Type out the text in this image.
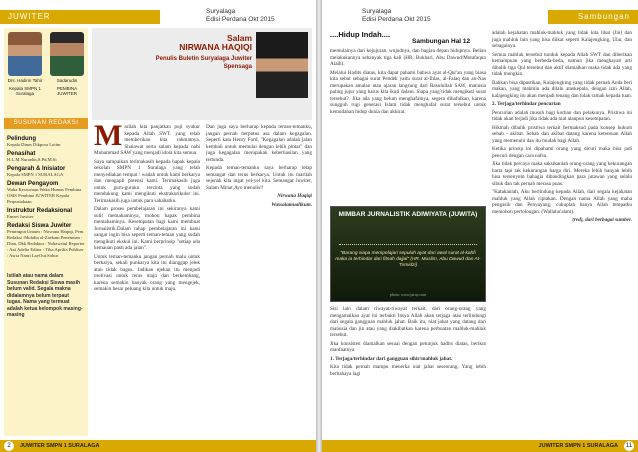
JUWITER
Suryalaga
Edisi Perdana Okt 2015
Drs. Hadirin Tahir
Kepala SMPN 1 Suralaga
Sadarudin
PEMBINA JUWITER
SUSUNAN REDAKSI
Pelindung

Kepala Dinas Dikpora Lotim

Penasihat

H.L.M.Nuraelin,S.Pd,M.Si

Pengarah & Inisiator

Kepala SMPN 1 SURALAGA

Dewan Pengayom

Waka Kesiswaan Waka Humas Pembina OSIS Pembina JUWITER Kepala Perpustakaan

Instruktur Redaksional

Emzet Juwiter

Redaksi Siswa Juwiter

Pemimpin Umum : Nirwana Haqiqi, Pem. Redaksi :Muhdin al-Zaekam Penemuan : Dian, Dkk Redaktur : Yuliawatul Reporter : Ani Adelia Editor : Tika Aprilia Publiser : Asria Nanri LayOut:Sohur

Istilah atau nama dalam Susunan Redaksi Siswa masih belum valid. Segala makna didalamnya belum terpaut tugas. Nama yang termuat adalah ketua kelompok masing-masing

Salam
NIRWANA HAQIQI
Penulis Buletin Suryalaga Juwiter Spensaga

Marilah kita panjatkan puji syukur kepada Allah SWT. yang telah memberikan kita rahmatnya. Shalawat serta salam kepada nabi Muhammad SAW yang menjadi idola kita semua.

Saya sampaikan terimakasih kepada bapak kepala sekolah SMPN 1 Suralaga yang telah menyediakan tempat / wadah untuk kami berkarya dan mengapli potensi kami. Terimakasih juga untuk guru-guruku tercinta yang sudah mendukung kami mengikuti ekstrakurikuler ini. Terimakasih juga untuk para sahabatku.

Dalam proses pembelajaran ini sekiranya kami sulit memahaminya, mohon bapak pembina memahaminya. Kesempatan bagi kami membuat Jurnalistik.Dalam tahap pembelajaran ini kami sangat ingin bisa seperti teman-teman yang sudah mengikuti ekskul ini. Kami berprinsip "setiap ada kemauan pasti ada jalan".

Untuk teman-temanku jangan pernah malu untuk berkarya, sekali punkarya kita itu dianggap jelek atau tidak bagus. Jadikan ejekan itu menjadi motivasi untuk terus maju dan berkembang, karena semakin banyak orang yang mengejek, semakin besar peluang kita untuk maju.

Dan juga saya berharap kepada teman-temanku, jangan pernah berputus asa dalam kegagalan. Seperti kata Henry Ford, "Kegagalan adalah jalan kembali untuk memulai dengan lebih pintar" dan juga kegagalan merupakan keberhasilan yang tertunda.

Kepada teman-temanku saya berharap tetap semangat dan terus berkarya. Untuk itu marilah sejenak kita ingat yel-yel kita. Semangat Juwiter, Salam Minat,Ayo menulis!!

Nirwana Haqiqi

Wassalamualikum.

2	JUWITER SMPN 1 SURALAGA
Sambungan
Suryalaga
Edisi Perdana Okt 2015
....Hidup Indah....
Sambungan Hal 12

memulainya dari kejujuran, wujudnya, dan bagian depan hidupnya. Beliau melakukannya sebanyak tiga kali (HR. Bukhari, Abu Dawud/Mutafaqun Alaih).

Melalui Hadits diatas, kita dapat pahami bahwa ayat al-Qur'an yang biasa kita sebut sebagai surat Pendek yaitu surat al-Ihlas, al-Falaq dan an-Nas merupakan amalan atau ajaran langsung dari Rasulullah SAW, manusia paling jujur yang harus kita ikuti dalam. Siapa yang tidak mengikuti surat tersebut?. Jika ada yang belum menghafalnya, segera dihafalkan, karena sungguh rugi generasi Islam tidak menghafal surat tersebut untuk kemudahan hidup dunia dan akhirat.

MIMBAR JURNALISTIK ADIWIYATA (JUWITA)
"Barang siapa mempelajari sepuluh ayat dari awal surat al-kahfi maka ia terhindar dari fitnah dajjal" (HR. Muslim, Abu Dawud dan At-Tirmidzi)
photo: www.jaruy.com

Sisi lain dalam riwayat-riwayat terkait, dari orang-orang yang mengamalkan ayat ini terbukti Insya Allah akan terjaga atau terlindungi dari segala gangguan mahluk jahat. Baik itu, niat jahat yang datang dari manusia dan jin atau yang diakibatkan karena perbuatan mahluk-mahluk tersebut.

Jika konsisten diamalkan sesuai dengan petunjuk hadits diatas, berikut manfaatnya

1. Terjaga/terhindar dari gangguan sihir/mahluk jahat.

Kita tidak pernah mampu menerka niat jahat seseorang. Yang lebih berbahaya lagi

adalah kejahatan mahluk-mahluk yang tidak kita lihat (Jin) dan juga mahluk lain yang bisa diikat seperti Kalajengking, Ular, dan sebagainya.

Semua mahluk tersebut tunduk kepada Allah SWT dan diberikan kemampuan yang berbeda-beda, namun jika menghayati arti dibalik tiga Qul tersebut dan aktif diamalkan maka tidak ada yang tidak mungkin.

Bahkan bisa dipastikan, Kalajengking yang tidak pernah Anda beri makan, yang mahmin ada dilalu ataskepala, dengan izin Allah, kalajengking itu akan menjadi tenang dan tidak ramah kepada tuan.

2. Terjaga/terhindar pencurian

Pencurian adalah musuh bagi korban dan pelakunya. Pristiwa ini tidak akan terjadi jika tidak ada niat ataupun kesempatan.

Hikmah dibalik pristiwa terkait bermaksud pada konsep hukum sebab - akibat. Sebab dan akibat datang karena ketentuan Allah yang memenuhi dan itu mudah bagi Allah.

Ketika prinsip ini dipahami orang yang dicuri maka bisa jadi pencuri dengan cara nafsu.

Jika tidak percaya maka saksikanlah orang-orang yang kekurangan harta tapi tak kekurangan harga diri. Mereka lebih banyak lebih bisa tersenyum bahagia dibandingkan para jutawan yang selalu sibuk dan tak pernah merasa puas.

"Katakanlah, Aku berlindung kepada Allah, dari segala kejahatan mahluk yang Allah ciptakan. Dengan nama Allah yang maha pengasih dan Penyayang, cukuplah hanya Allah tempatku memohon pertolongan. (Wallahu'alam).

(red), dari berbagai sumber.

JUWITER SMPN 1 SURALAGA	11
